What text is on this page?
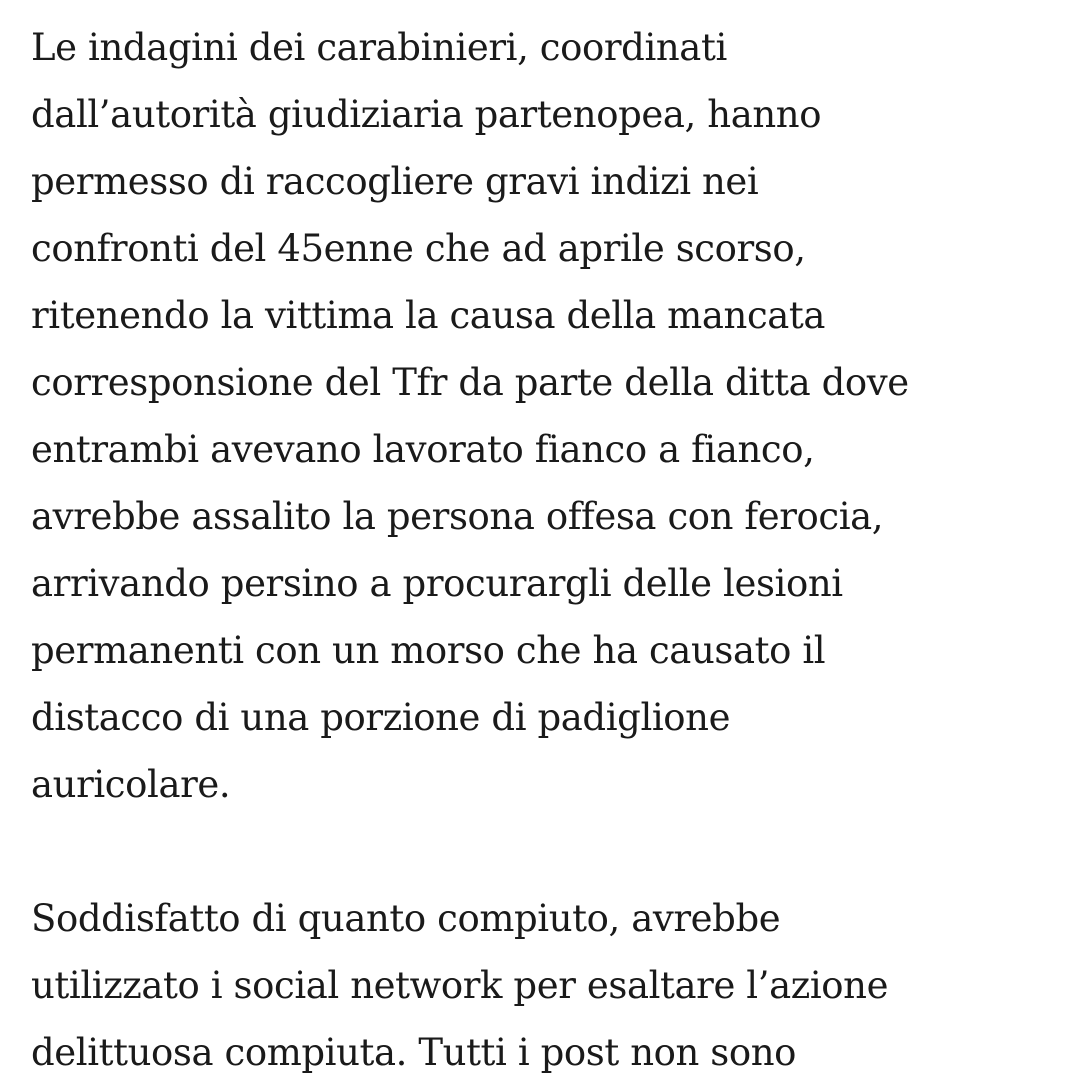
Le indagini dei carabinieri, coordinati
dall’autorità giudiziaria partenopea, hanno
permesso di raccogliere gravi indizi nei
confronti del 45enne che ad aprile scorso,
ritenendo la vittima la causa della mancata
corresponsione del Tfr da parte della ditta dove
entrambi avevano lavorato fianco a fianco,
avrebbe assalito la persona offesa con ferocia,
arrivando persino a procurargli delle lesioni
permanenti con un morso che ha causato il
distacco di una porzione di padiglione
auricolare.

Soddisfatto di quanto compiuto, avrebbe
utilizzato i social network per esaltare l’azione
delittuosa compiuta. Tutti i post non sono
